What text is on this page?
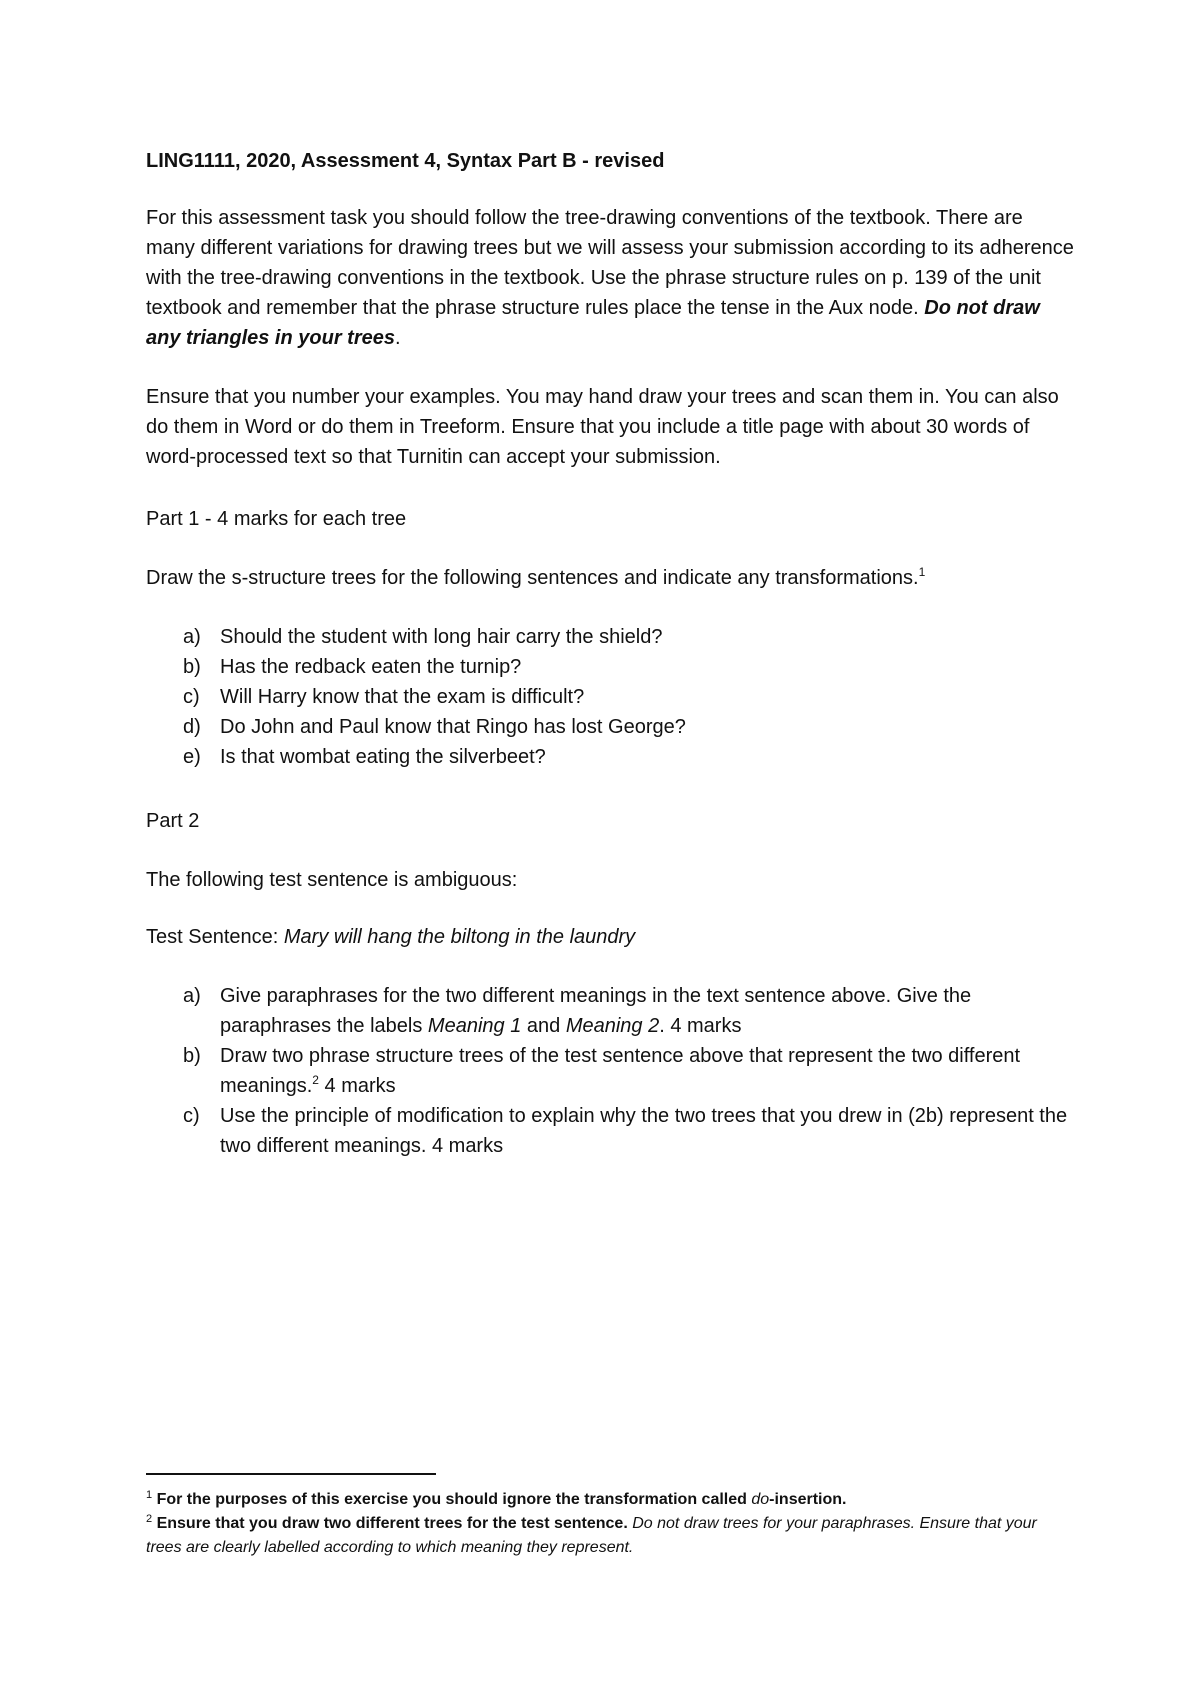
LING1111, 2020, Assessment 4, Syntax Part B - revised

For this assessment task you should follow the tree-drawing conventions of the textbook. There are many different variations for drawing trees but we will assess your submission according to its adherence with the tree-drawing conventions in the textbook. Use the phrase structure rules on p. 139 of the unit textbook and remember that the phrase structure rules place the tense in the Aux node. Do not draw any triangles in your trees.

Ensure that you number your examples. You may hand draw your trees and scan them in. You can also do them in Word or do them in Treeform. Ensure that you include a title page with about 30 words of word-processed text so that Turnitin can accept your submission.

Part 1 - 4 marks for each tree

Draw the s-structure trees for the following sentences and indicate any transformations.$^1$

a) Should the student with long hair carry the shield?
b) Has the redback eaten the turnip?
c) Will Harry know that the exam is difficult?
d) Do John and Paul know that Ringo has lost George?
e) Is that wombat eating the silverbeet?

Part 2

The following test sentence is ambiguous:

Test Sentence: Mary will hang the biltong in the laundry

a) Give paraphrases for the two different meanings in the text sentence above. Give the paraphrases the labels Meaning 1 and Meaning 2. 4 marks
b) Draw two phrase structure trees of the test sentence above that represent the two different meanings.$^2$ 4 marks
c) Use the principle of modification to explain why the two trees that you drew in (2b) represent the two different meanings. 4 marks

$^1$ For the purposes of this exercise you should ignore the transformation called do-insertion.

$^2$ Ensure that you draw two different trees for the test sentence. Do not draw trees for your paraphrases. Ensure that your trees are clearly labelled according to which meaning they represent.
